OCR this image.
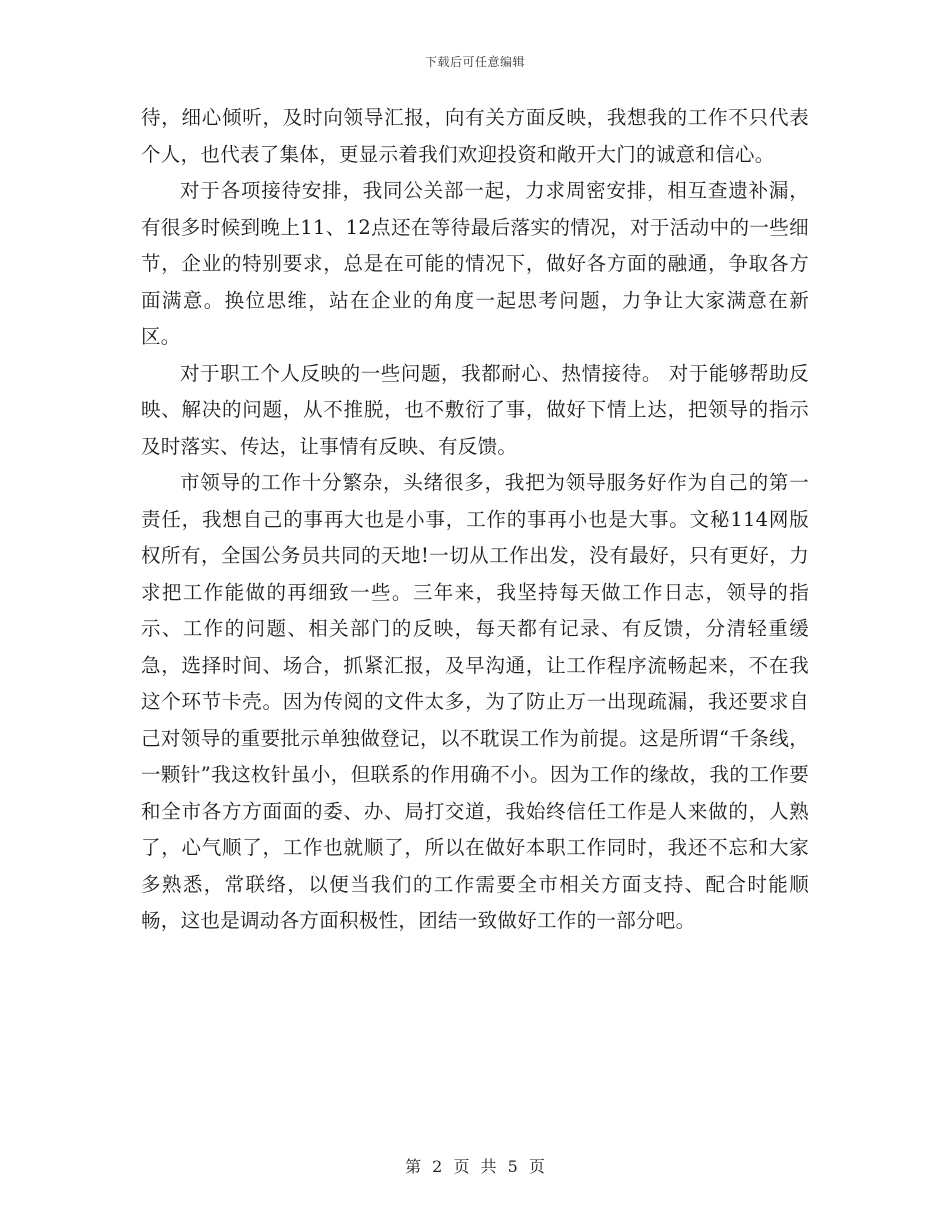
下载后可任意编辑

待，细心倾听，及时向领导汇报，向有关方面反映，我想我的工作不只代表个人，也代表了集体，更显示着我们欢迎投资和敞开大门的诚意和信心。

对于各项接待安排，我同公关部一起，力求周密安排，相互查遗补漏，有很多时候到晚上11、12点还在等待最后落实的情况，对于活动中的一些细节，企业的特别要求，总是在可能的情况下，做好各方面的融通，争取各方面满意。换位思维，站在企业的角度一起思考问题，力争让大家满意在新区。

对于职工个人反映的一些问题，我都耐心、热情接待。 对于能够帮助反映、解决的问题，从不推脱，也不敷衍了事，做好下情上达，把领导的指示及时落实、传达，让事情有反映、有反馈。

市领导的工作十分繁杂，头绪很多，我把为领导服务好作为自己的第一责任，我想自己的事再大也是小事，工作的事再小也是大事。文秘114网版权所有，全国公务员共同的天地!一切从工作出发，没有最好，只有更好，力求把工作能做的再细致一些。三年来，我坚持每天做工作日志，领导的指示、工作的问题、相关部门的反映，每天都有记录、有反馈，分清轻重缓急，选择时间、场合，抓紧汇报，及早沟通，让工作程序流畅起来，不在我这个环节卡壳。因为传阅的文件太多，为了防止万一出现疏漏，我还要求自己对领导的重要批示单独做登记，以不耽误工作为前提。这是所谓“千条线，一颗针”我这枚针虽小，但联系的作用确不小。因为工作的缘故，我的工作要和全市各方方面面的委、办、局打交道，我始终信任工作是人来做的，人熟了，心气顺了，工作也就顺了，所以在做好本职工作同时，我还不忘和大家多熟悉，常联络，以便当我们的工作需要全市相关方面支持、配合时能顺畅，这也是调动各方面积极性，团结一致做好工作的一部分吧。

第 2 页 共 5 页
